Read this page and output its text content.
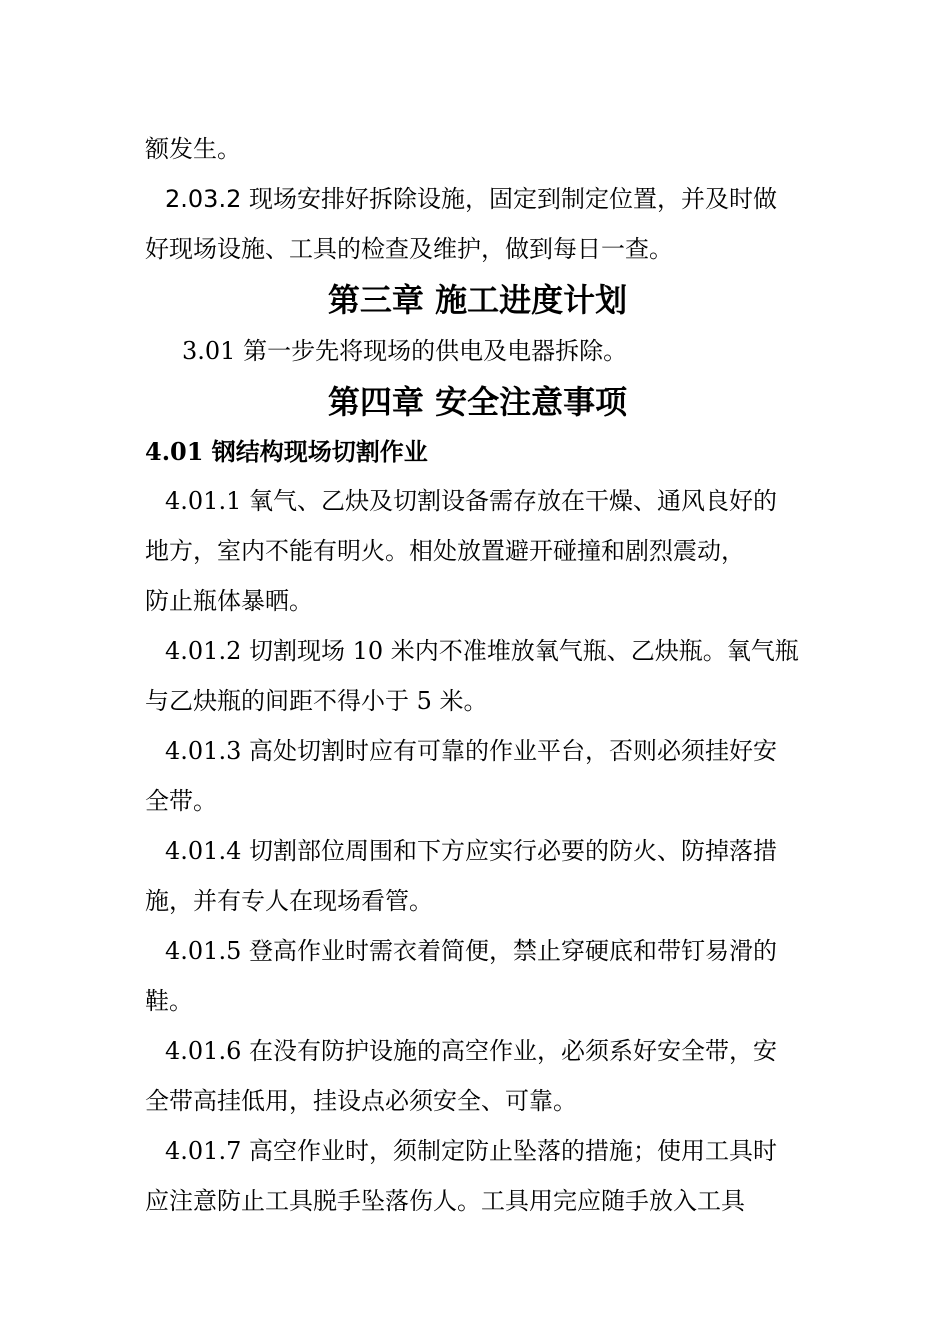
额发生。
2.03.2 现场安排好拆除设施，固定到制定位置，并及时做
好现场设施、工具的检查及维护，做到每日一查。
第三章 施工进度计划
3.01 第一步先将现场的供电及电器拆除。
第四章 安全注意事项
4.01 钢结构现场切割作业
4.01.1 氧气、乙炔及切割设备需存放在干燥、通风良好的
地方，室内不能有明火。相处放置避开碰撞和剧烈震动，
防止瓶体暴晒。
4.01.2 切割现场 10 米内不准堆放氧气瓶、乙炔瓶。氧气瓶
与乙炔瓶的间距不得小于 5 米。
4.01.3 高处切割时应有可靠的作业平台，否则必须挂好安
全带。
4.01.4 切割部位周围和下方应实行必要的防火、防掉落措
施，并有专人在现场看管。
4.01.5 登高作业时需衣着简便，禁止穿硬底和带钉易滑的
鞋。
4.01.6 在没有防护设施的高空作业，必须系好安全带，安
全带高挂低用，挂设点必须安全、可靠。
4.01.7 高空作业时，须制定防止坠落的措施；使用工具时
应注意防止工具脱手坠落伤人。工具用完应随手放入工具
